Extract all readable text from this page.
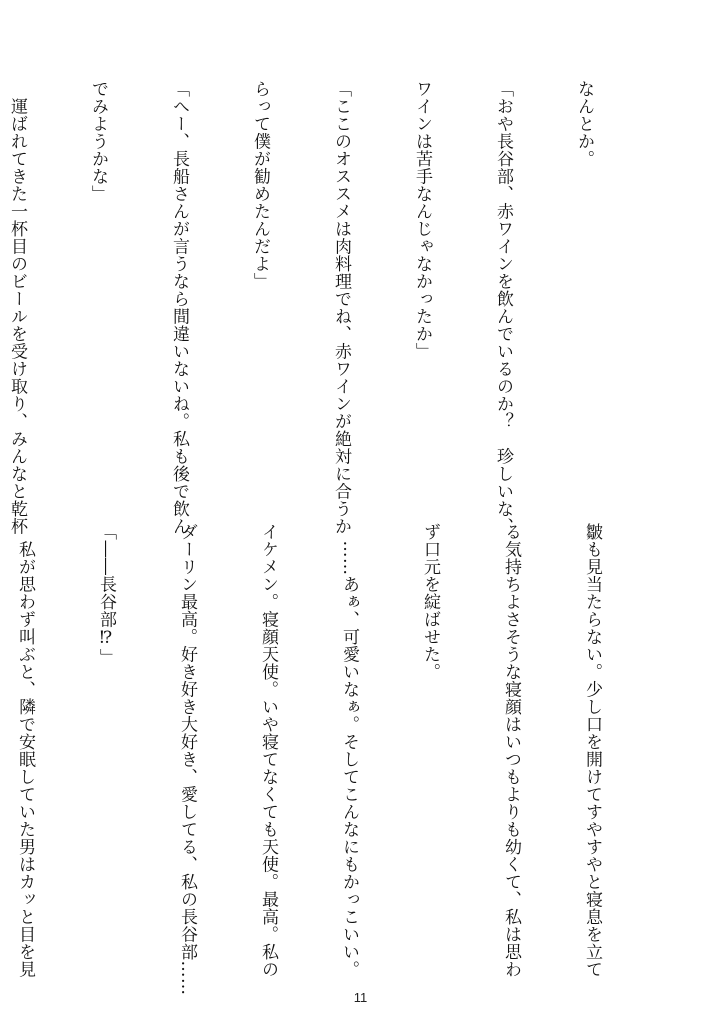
なんとか。

「おや長谷部、赤ワインを飲んでいるのか？　珍しいな、

ワインは苦手なんじゃなかったか」

「ここのオススメは肉料理でね、赤ワインが絶対に合うか

らって僕が勧めたんだよ」

「へー、長船さんが言うなら間違いないね。私も後で飲ん

でみようかな」

　運ばれてきた一杯目のビールを受け取り、みんなと乾杯

皺も見当たらない。少し口を開けてすやすやと寝息を立て

る気持ちよさそうな寝顔はいつもよりも幼くて、私は思わ

ず口元を綻ばせた。

　……あぁ、可愛いなぁ。そしてこんなにもかっこいい。

イケメン。寝顔天使。いや寝てなくても天使。最高。私の

ダーリン最高。好き好き大好き、愛してる、私の長谷部……

「――長谷部⁉」

　私が思わず叫ぶと、隣で安眠していた男はカッと目を見

11
